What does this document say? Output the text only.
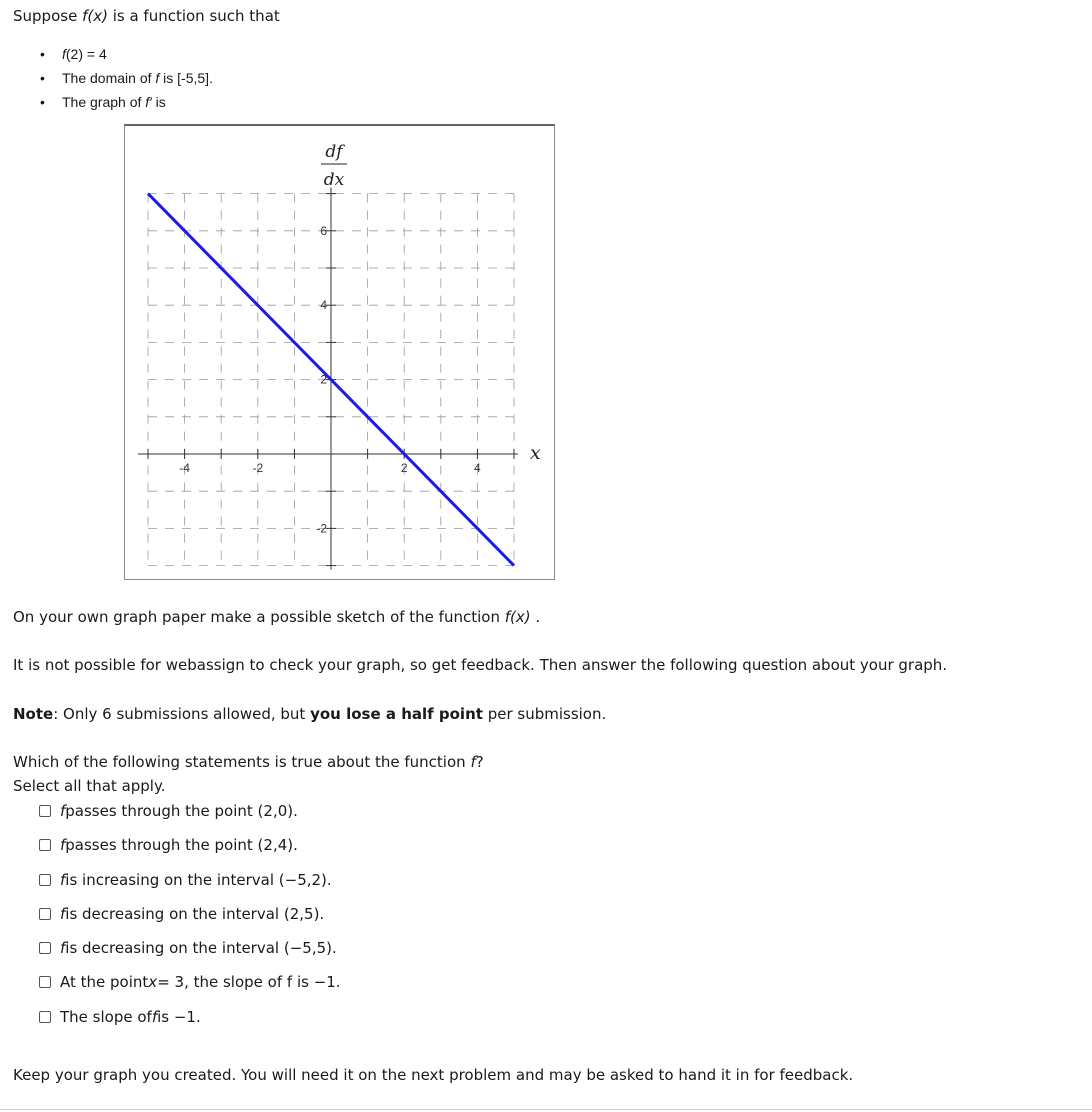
Suppose f(x) is a function such that

• f(2) = 4
• The domain of f is [-5,5].
• The graph of f′ is
-4	-2	2	4
6
4
2
-2
df
dx
x

On your own graph paper make a possible sketch of the function f(x) .

It is not possible for webassign to check your graph, so get feedback. Then answer the following question about your graph.

Note: Only 6 submissions allowed, but you lose a half point per submission.

Which of the following statements is true about the function f?

Select all that apply.

f passes through the point (2,0).
f passes through the point (2,4).
f is increasing on the interval (−5,2).
f is decreasing on the interval (2,5).
f is decreasing on the interval (−5,5).
At the point x = 3, the slope of f is −1.
The slope of f is −1.

Keep your graph you created. You will need it on the next problem and may be asked to hand it in for feedback.
